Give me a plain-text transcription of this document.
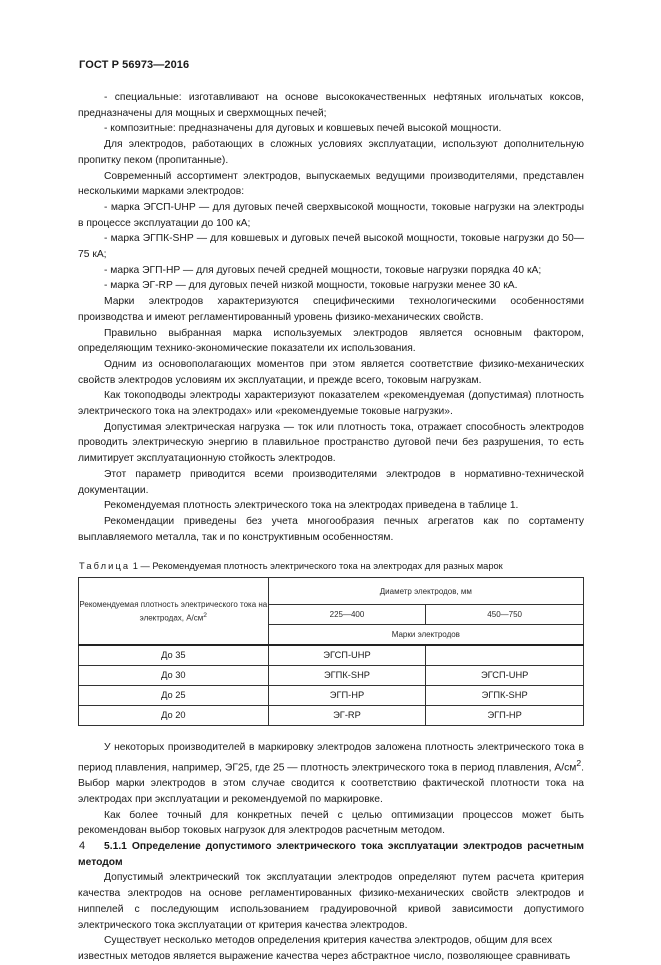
ГОСТ Р 56973—2016

- специальные: изготавливают на основе высококачественных нефтяных игольчатых коксов, предназначены для мощных и сверхмощных печей;

- композитные: предназначены для дуговых и ковшевых печей высокой мощности.

Для электродов, работающих в сложных условиях эксплуатации, используют дополнительную пропитку пеком (пропитанные).

Современный ассортимент электродов, выпускаемых ведущими производителями, представлен несколькими марками электродов:

- марка ЭГСП-UHP — для дуговых печей сверхвысокой мощности, токовые нагрузки на электроды в процессе эксплуатации до 100 кА;

- марка ЭГПК-SHP — для ковшевых и дуговых печей высокой мощности, токовые нагрузки до 50—75 кА;

- марка ЭГП-HP — для дуговых печей средней мощности, токовые нагрузки порядка 40 кА;

- марка ЭГ-RP — для дуговых печей низкой мощности, токовые нагрузки менее 30 кА.

Марки электродов характеризуются специфическими технологическими особенностями производства и имеют регламентированный уровень физико-механических свойств.

Правильно выбранная марка используемых электродов является основным фактором, определяющим технико-экономические показатели их использования.

Одним из основополагающих моментов при этом является соответствие физико-механических свойств электродов условиям их эксплуатации, и прежде всего, токовым нагрузкам.

Как токоподводы электроды характеризуют показателем «рекомендуемая (допустимая) плотность электрического тока на электродах» или «рекомендуемые токовые нагрузки».

Допустимая электрическая нагрузка — ток или плотность тока, отражает способность электродов проводить электрическую энергию в плавильное пространство дуговой печи без разрушения, то есть лимитирует эксплуатационную стойкость электродов.

Этот параметр приводится всеми производителями электродов в нормативно-технической документации.

Рекомендуемая плотность электрического тока на электродах приведена в таблице 1.

Рекомендации приведены без учета многообразия печных агрегатов как по сортаменту выплавляемого металла, так и по конструктивным особенностям.

Таблица 1 — Рекомендуемая плотность электрического тока на электродах для разных марок
Рекомендуемая плотность электрического тока на электродах, $А/см^2$	Диаметр электродов, мм	
	225—400	450—750
	Марки электродов	
До 35	ЭГСП-UHP	
До 30	ЭГПК-SHP	ЭГСП-UHP
До 25	ЭГП-HP	ЭГПК-SHP
До 20	ЭГ-RP	ЭГП-HP

У некоторых производителей в маркировку электродов заложена плотность электрического тока в период плавления, например, ЭГ25, где 25 — плотность электрического тока в период плавления, $А/см^2$. Выбор марки электродов в этом случае сводится к соответствию фактической плотности тока на электродах при эксплуатации и рекомендуемой по маркировке.

Как более точный для конкретных печей с целью оптимизации процессов может быть рекомендован выбор токовых нагрузок для электродов расчетным методом.

5.1.1 Определение допустимого электрического тока эксплуатации электродов расчетным методом

Допустимый электрический ток эксплуатации электродов определяют путем расчета критерия качества электродов на основе регламентированных физико-механических свойств электродов и ниппелей с последующим использованием градуировочной кривой зависимости допустимого электрического тока эксплуатации от критерия качества электродов.

Существует несколько методов определения критерия качества электродов, общим для всех известных методов является выражение качества через абстрактное число, позволяющее сравнивать

4
